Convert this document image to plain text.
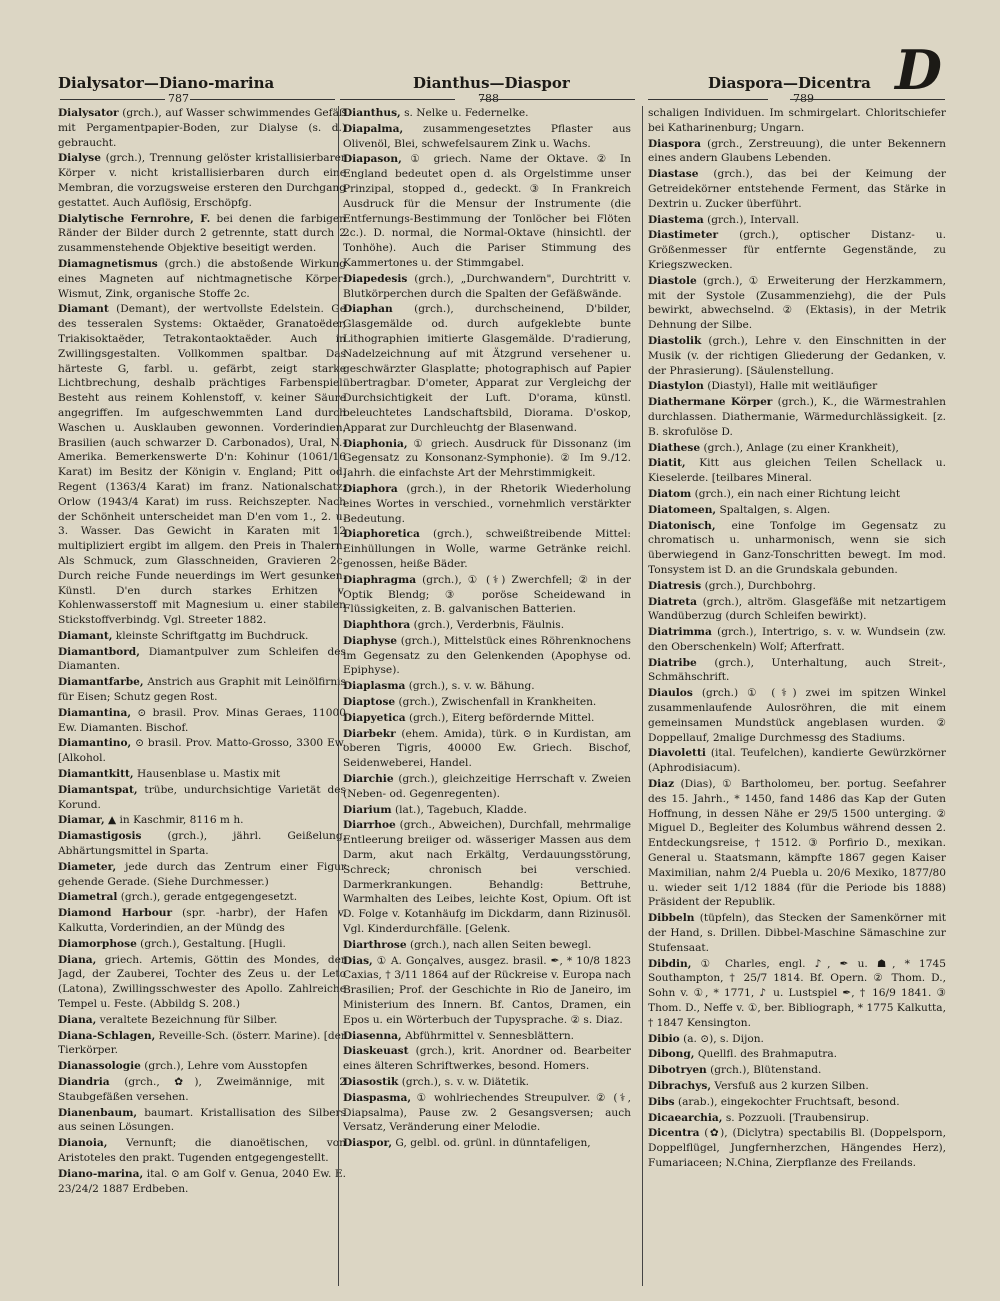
Dialysator—Diano-marina	Dianthus—Diaspor	Diaspora—Dicentra D
787	788	789
Dialysator (grch.), auf Wasser schwimmendes Gefäß mit Pergamentpapier-Boden, zur Dialyse (s. d.) gebraucht.
Dialyse (grch.), Trennung gelöster kristallisierbarer Körper v. nicht kristallisierbaren durch eine Membran, die vorzugsweise ersteren den Durchgang gestattet. Auch Auflösig, Erschöpfg.
Dialytische Fernrohre, F. bei denen die farbigen Ränder der Bilder durch 2 getrennte, statt durch 2 zusammenstehende Objektive beseitigt werden.
Diamagnetismus (grch.) die abstoßende Wirkung eines Magneten auf nichtmagnetische Körper: Wismut, Zink, organische Stoffe 2c.
Diamant (Demant), der wertvollste Edelstein. Ge des tesseralen Systems: Oktaëder, Granatoëder, Triakisoktaëder, Tetrakontaoktaëder. Auch in Zwillingsgestalten. Vollkommen spaltbar. Das härteste G, farbl. u. gefärbt, zeigt starke Lichtbrechung, deshalb prächtiges Farbenspiel. Besteht aus reinem Kohlenstoff, v. keiner Säure angegriffen. Im aufgeschwemmten Land durch Waschen u. Ausklauben gewonnen. Vorderindien, Brasilien (auch schwarzer D. Carbonados), Ural, N.-Amerika. Bemerkenswerte D'n: Kohinur (1061/16 Karat) im Besitz der Königin v. England; Pitt od. Regent (1363/4 Karat) im franz. Nationalschatz; Orlow (1943/4 Karat) im russ. Reichszepter. Nach der Schönheit unterscheidet man D'en vom 1., 2. u. 3. Wasser. Das Gewicht in Karaten mit 12 multipliziert ergibt im allgem. den Preis in Thalern. Als Schmuck, zum Glasschneiden, Gravieren 2c. Durch reiche Funde neuerdings im Wert gesunken. Künstl. D'en durch starkes Erhitzen v. Kohlenwasserstoff mit Magnesium u. einer stabilen Stickstoffverbindg. Vgl. Streeter 1882.
Diamant, kleinste Schriftgattg im Buchdruck.
Diamantbord, Diamantpulver zum Schleifen des Diamanten.
Diamantfarbe, Anstrich aus Graphit mit Leinölfirnis für Eisen; Schutz gegen Rost.
Diamantina, ⊙ brasil. Prov. Minas Geraes, 11000 Ew. Diamanten. Bischof.
Diamantino, ⊙ brasil. Prov. Matto-Grosso, 3300 Ew. [Alkohol.
Diamantkitt, Hausenblase u. Mastix mit
Diamantspat, trübe, undurchsichtige Varietät des Korund.
Diamar, ▲ in Kaschmir, 8116 m h.
Diamastigosis (grch.), jährl. Geißelung, Abhärtungsmittel in Sparta.
Diameter, jede durch das Zentrum einer Figur gehende Gerade. (Siehe Durchmesser.)
Diametral (grch.), gerade entgegengesetzt.
Diamond Harbour (spr. -harbr), der Hafen v. Kalkutta, Vorderindien, an der Mündg des
Diamorphose (grch.), Gestaltung. [Hugli.
Diana, griech. Artemis, Göttin des Mondes, der Jagd, der Zauberei, Tochter des Zeus u. der Leto (Latona), Zwillingsschwester des Apollo. Zahlreiche Tempel u. Feste. (Abbildg S. 208.)
Diana, veraltete Bezeichnung für Silber.
Diana-Schlagen, Reveille-Sch. (österr. Marine). [der Tierkörper.
Dianassologie (grch.), Lehre vom Ausstopfen
Diandria (grch., ✿), Zweimännige, mit 2 Staubgefäßen versehen.
Dianenbaum, baumart. Kristallisation des Silbers aus seinen Lösungen.
Dianoia, Vernunft; die dianoëtischen, von Aristoteles den prakt. Tugenden entgegengestellt.
Diano-marina, ital. ⊙ am Golf v. Genua, 2040 Ew. E. 23/24/2 1887 Erdbeben.
Dianthus, s. Nelke u. Federnelke.
Diapalma, zusammengesetztes Pflaster aus Olivenöl, Blei, schwefelsaurem Zink u. Wachs.
Diapason, ① griech. Name der Oktave. ② In England bedeutet open d. als Orgelstimme unser Prinzipal, stopped d., gedeckt. ③ In Frankreich Ausdruck für die Mensur der Instrumente (die Entfernungs-Bestimmung der Tonlöcher bei Flöten 2c.). D. normal, die Normal-Oktave (hinsichtl. der Tonhöhe). Auch die Pariser Stimmung des Kammertones u. der Stimmgabel.
Diapedesis (grch.), „Durchwandern", Durchtritt v. Blutkörperchen durch die Spalten der Gefäßwände.
Diaphan (grch.), durchscheinend, D'bilder, Glasgemälde od. durch aufgeklebte bunte Lithographien imitierte Glasgemälde. D'radierung, Nadelzeichnung auf mit Ätzgrund versehener u. geschwärzter Glasplatte; photographisch auf Papier übertragbar. D'ometer, Apparat zur Vergleichg der Durchsichtigkeit der Luft. D'orama, künstl. beleuchtetes Landschaftsbild, Diorama. D'oskop, Apparat zur Durchleuchtg der Blasenwand.
Diaphonia, ① griech. Ausdruck für Dissonanz (im Gegensatz zu Konsonanz-Symphonie). ② Im 9./12. Jahrh. die einfachste Art der Mehrstimmigkeit.
Diaphora (grch.), in der Rhetorik Wiederholung eines Wortes in verschied., vornehmlich verstärkter Bedeutung.
Diaphoretica (grch.), schweißtreibende Mittel: Einhüllungen in Wolle, warme Getränke reichl. genossen, heiße Bäder.
Diaphragma (grch.), ① (⚕) Zwerchfell; ② in der Optik Blendg; ③ poröse Scheidewand in Flüssigkeiten, z. B. galvanischen Batterien.
Diaphthora (grch.), Verderbnis, Fäulnis.
Diaphyse (grch.), Mittelstück eines Röhrenknochens im Gegensatz zu den Gelenkenden (Apophyse od. Epiphyse).
Diaplasma (grch.), s. v. w. Bähung.
Diaptose (grch.), Zwischenfall in Krankheiten.
Diapyetica (grch.), Eiterg befördernde Mittel.
Diarbekr (ehem. Amida), türk. ⊙ in Kurdistan, am oberen Tigris, 40000 Ew. Griech. Bischof, Seidenweberei, Handel.
Diarchie (grch.), gleichzeitige Herrschaft v. Zweien (Neben- od. Gegenregenten).
Diarium (lat.), Tagebuch, Kladde.
Diarrhoe (grch., Abweichen), Durchfall, mehrmalige Entleerung breiiger od. wässeriger Massen aus dem Darm, akut nach Erkältg, Verdauungsstörung, Schreck; chronisch bei verschied. Darmerkrankungen. Behandlg: Bettruhe, Warmhalten des Leibes, leichte Kost, Opium. Oft ist D. Folge v. Kotanhäufg im Dickdarm, dann Rizinusöl. Vgl. Kinderdurchfälle. [Gelenk.
Diarthrose (grch.), nach allen Seiten bewegl.
Dias, ① A. Gonçalves, ausgez. brasil. ✒, * 10/8 1823 Caxias, † 3/11 1864 auf der Rückreise v. Europa nach Brasilien; Prof. der Geschichte in Rio de Janeiro, im Ministerium des Innern. Bf. Cantos, Dramen, ein Epos u. ein Wörterbuch der Tupysprache. ② s. Diaz.
Diasenna, Abführmittel v. Sennesblättern.
Diaskeuast (grch.), krit. Anordner od. Bearbeiter eines älteren Schriftwerkes, besond. Homers.
Diasostik (grch.), s. v. w. Diätetik.
Diaspasma, ① wohlriechendes Streupulver. ② (⚕, Diapsalma), Pause zw. 2 Gesangsversen; auch Versatz, Veränderung einer Melodie.
Diaspor, G, gelbl. od. grünl. in dünntafeligen,
schaligen Individuen. Im schmirgelart. Chloritschiefer bei Katharinenburg; Ungarn.
Diaspora (grch., Zerstreuung), die unter Bekennern eines andern Glaubens Lebenden.
Diastase (grch.), das bei der Keimung der Getreidekörner entstehende Ferment, das Stärke in Dextrin u. Zucker überführt.
Diastema (grch.), Intervall.
Diastimeter (grch.), optischer Distanz- u. Größenmesser für entfernte Gegenstände, zu Kriegszwecken.
Diastole (grch.), ① Erweiterung der Herzkammern, mit der Systole (Zusammenziehg), die der Puls bewirkt, abwechselnd. ② (Ektasis), in der Metrik Dehnung der Silbe.
Diastolik (grch.), Lehre v. den Einschnitten in der Musik (v. der richtigen Gliederung der Gedanken, v. der Phrasierung). [Säulenstellung.
Diastylon (Diastyl), Halle mit weitläufiger
Diathermane Körper (grch.), K., die Wärmestrahlen durchlassen. Diathermanie, Wärmedurchlässigkeit. [z. B. skrofulöse D.
Diathese (grch.), Anlage (zu einer Krankheit),
Diatit, Kitt aus gleichen Teilen Schellack u. Kieselerde. [teilbares Mineral.
Diatom (grch.), ein nach einer Richtung leicht
Diatomeen, Spaltalgen, s. Algen.
Diatonisch, eine Tonfolge im Gegensatz zu chromatisch u. unharmonisch, wenn sie sich überwiegend in Ganz-Tonschritten bewegt. Im mod. Tonsystem ist D. an die Grundskala gebunden.
Diatresis (grch.), Durchbohrg.
Diatreta (grch.), altröm. Glasgefäße mit netzartigem Wandüberzug (durch Schleifen bewirkt).
Diatrimma (grch.), Intertrigo, s. v. w. Wundsein (zw. den Oberschenkeln) Wolf; Afterfratt.
Diatribe (grch.), Unterhaltung, auch Streit-, Schmähschrift.
Diaulos (grch.) ① (⚕) zwei im spitzen Winkel zusammenlaufende Aulosröhren, die mit einem gemeinsamen Mundstück angeblasen wurden. ② Doppellauf, 2malige Durchmessg des Stadiums.
Diavoletti (ital. Teufelchen), kandierte Gewürzkörner (Aphrodisiacum).
Diaz (Dias), ① Bartholomeu, ber. portug. Seefahrer des 15. Jahrh., * 1450, fand 1486 das Kap der Guten Hoffnung, in dessen Nähe er 29/5 1500 unterging. ② Miguel D., Begleiter des Kolumbus während dessen 2. Entdeckungsreise, † 1512. ③ Porfirio D., mexikan. General u. Staatsmann, kämpfte 1867 gegen Kaiser Maximilian, nahm 2/4 Puebla u. 20/6 Mexiko, 1877/80 u. wieder seit 1/12 1884 (für die Periode bis 1888) Präsident der Republik.
Dibbeln (tüpfeln), das Stecken der Samenkörner mit der Hand, s. Drillen. Dibbel-Maschine Sämaschine zur Stufensaat.
Dibdin, ① Charles, engl. ♪, ✒ u. ☗, * 1745 Southampton, † 25/7 1814. Bf. Opern. ② Thom. D., Sohn v. ①, * 1771, ♪ u. Lustspiel ✒, † 16/9 1841. ③ Thom. D., Neffe v. ①, ber. Bibliograph, * 1775 Kalkutta, † 1847 Kensington.
Dibio (a. ⊙), s. Dijon.
Dibong, Quellfl. des Brahmaputra.
Dibotryen (grch.), Blütenstand.
Dibrachys, Versfuß aus 2 kurzen Silben.
Dibs (arab.), eingekochter Fruchtsaft, besond.
Dicaearchia, s. Pozzuoli. [Traubensirup.
Dicentra (✿), (Diclytra) spectabilis Bl. (Doppelsporn, Doppelflügel, Jungfernherzchen, Hängendes Herz), Fumariaceen; N.China, Zierpflanze des Freilands.
